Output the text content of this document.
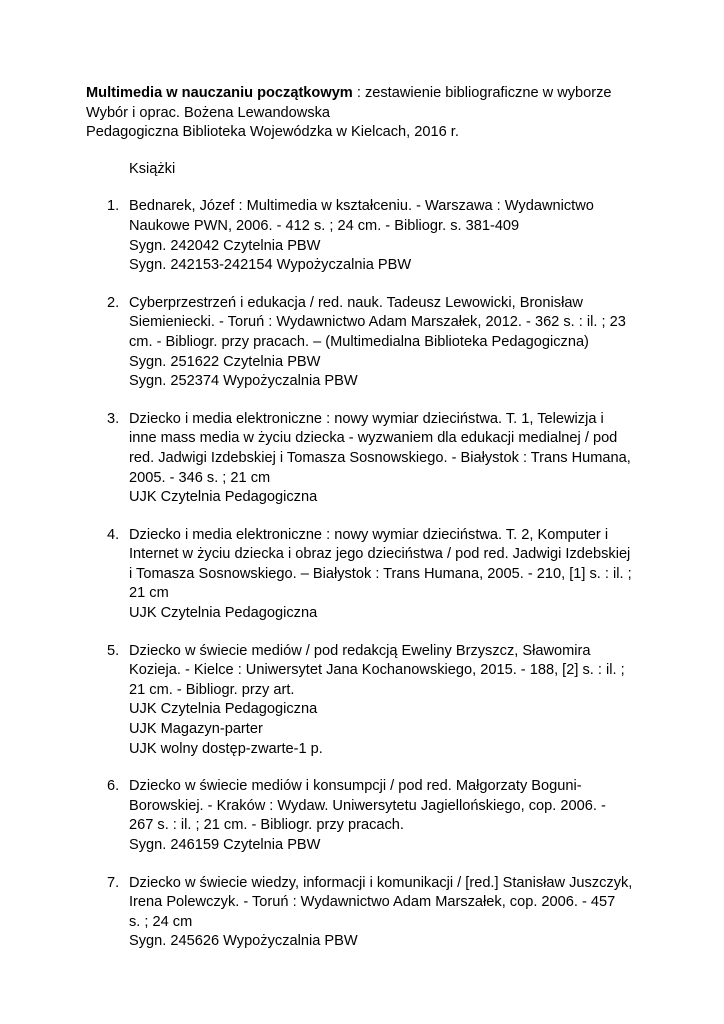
Multimedia w nauczaniu początkowym : zestawienie bibliograficzne w wyborze
Wybór i oprac. Bożena Lewandowska
Pedagogiczna Biblioteka Wojewódzka w Kielcach, 2016 r.
Książki
1. Bednarek, Józef : Multimedia w kształceniu. - Warszawa : Wydawnictwo
Naukowe PWN, 2006. - 412 s. ; 24 cm. - Bibliogr. s. 381-409
Sygn. 242042 Czytelnia PBW
Sygn. 242153-242154 Wypożyczalnia PBW
2. Cyberprzestrzeń i edukacja / red. nauk. Tadeusz Lewowicki, Bronisław
Siemieniecki. - Toruń : Wydawnictwo Adam Marszałek, 2012. - 362 s. : il. ; 23
cm. - Bibliogr. przy pracach. – (Multimedialna Biblioteka Pedagogiczna)
Sygn. 251622 Czytelnia PBW
Sygn. 252374 Wypożyczalnia PBW
3. Dziecko i media elektroniczne : nowy wymiar dzieciństwa. T. 1, Telewizja i
inne mass media w życiu dziecka - wyzwaniem dla edukacji medialnej / pod
red. Jadwigi Izdebskiej i Tomasza Sosnowskiego. - Białystok : Trans Humana,
2005. - 346 s. ; 21 cm
UJK Czytelnia Pedagogiczna
4. Dziecko i media elektroniczne : nowy wymiar dzieciństwa. T. 2, Komputer i
Internet w życiu dziecka i obraz jego dzieciństwa / pod red. Jadwigi Izdebskiej
i Tomasza Sosnowskiego. – Białystok : Trans Humana, 2005. - 210, [1] s. : il. ;
21 cm
UJK Czytelnia Pedagogiczna
5. Dziecko w świecie mediów / pod redakcją Eweliny Brzyszcz, Sławomira
Kozieja. - Kielce : Uniwersytet Jana Kochanowskiego, 2015. - 188, [2] s. : il. ;
21 cm. - Bibliogr. przy art.
UJK Czytelnia Pedagogiczna
UJK Magazyn-parter
UJK wolny dostęp-zwarte-1 p.
6. Dziecko w świecie mediów i konsumpcji / pod red. Małgorzaty Boguni-
Borowskiej. - Kraków : Wydaw. Uniwersytetu Jagiellońskiego, cop. 2006. -
267 s. : il. ; 21 cm. - Bibliogr. przy pracach.
Sygn. 246159 Czytelnia PBW
7. Dziecko w świecie wiedzy, informacji i komunikacji / [red.] Stanisław Juszczyk,
Irena Polewczyk. - Toruń : Wydawnictwo Adam Marszałek, cop. 2006. - 457
s. ; 24 cm
Sygn. 245626 Wypożyczalnia PBW
